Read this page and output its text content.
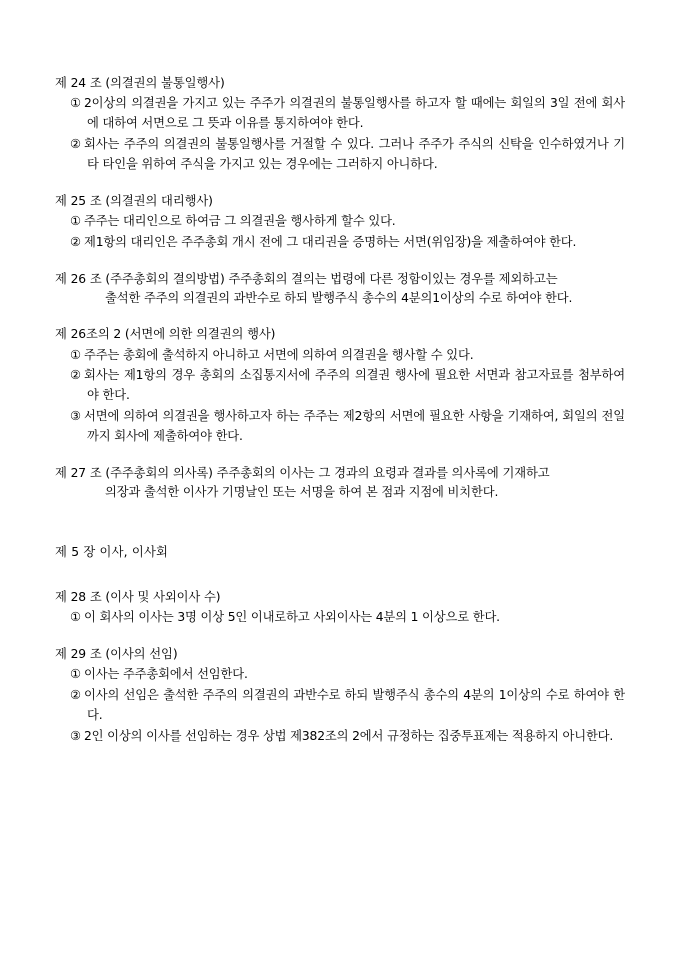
제 24 조 (의결권의 불통일행사)
① 2이상의 의결권을 가지고 있는 주주가 의결권의 불통일행사를 하고자 할 때에는 회일의 3일 전에 회사에 대하여 서면으로 그 뜻과 이유를 통지하여야 한다.
② 회사는 주주의 의결권의 불통일행사를 거절할 수 있다. 그러나 주주가 주식의 신탁을 인수하였거나 기타 타인을 위하여 주식을 가지고 있는 경우에는 그러하지 아니하다.
제 25 조 (의결권의 대리행사)
① 주주는 대리인으로 하여금 그 의결권을 행사하게 할수 있다.
② 제1항의 대리인은 주주총회 개시 전에 그 대리권을 증명하는 서면(위임장)을 제출하여야 한다.
제 26 조 (주주총회의 결의방법) 주주총회의 결의는 법령에 다른 정함이있는 경우를 제외하고는
출석한 주주의 의결권의 과반수로 하되 발행주식 총수의 4분의1이상의 수로 하여야 한다.
제 26조의 2 (서면에 의한 의결권의 행사)
① 주주는 총회에 출석하지 아니하고 서면에 의하여 의결권을 행사할 수 있다.
② 회사는 제1항의 경우 총회의 소집통지서에 주주의 의결권 행사에 필요한 서면과 참고자료를 첨부하여야 한다.
③ 서면에 의하여 의결권을 행사하고자 하는 주주는 제2항의 서면에 필요한 사항을 기재하여, 회일의 전일까지 회사에 제출하여야 한다.
제 27 조 (주주총회의 의사록) 주주총회의 이사는 그 경과의 요령과 결과를 의사록에 기재하고
의장과 출석한 이사가 기명날인 또는 서명을 하여 본 점과 지점에 비치한다.
제 5 장 이사, 이사회
제 28 조 (이사 및 사외이사 수)
① 이 회사의 이사는 3명 이상 5인 이내로하고 사외이사는 4분의 1 이상으로 한다.
제 29 조 (이사의 선임)
① 이사는 주주총회에서 선임한다.
② 이사의 선임은 출석한 주주의 의결권의 과반수로 하되 발행주식 총수의 4분의 1이상의 수로 하여야 한다.
③ 2인 이상의 이사를 선임하는 경우 상법 제382조의 2에서 규정하는 집중투표제는 적용하지 아니한다.
